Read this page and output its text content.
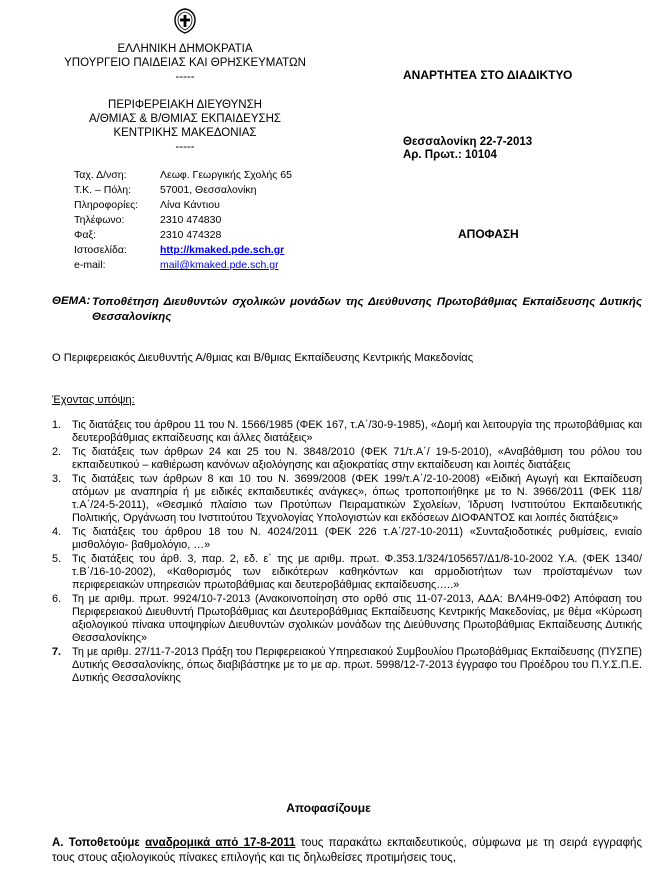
ΕΛΛΗΝΙΚΗ ΔΗΜΟΚΡΑΤΙΑ
ΥΠΟΥΡΓΕΙΟ ΠΑΙΔΕΙΑΣ ΚΑΙ ΘΡΗΣΚΕΥΜΑΤΩΝ
-----
ΠΕΡΙΦΕΡΕΙΑΚΗ ΔΙΕΥΘΥΝΣΗ
Α/ΘΜΙΑΣ & Β/ΘΜΙΑΣ ΕΚΠΑΙΔΕΥΣΗΣ
ΚΕΝΤΡΙΚΗΣ ΜΑΚΕΔΟΝΙΑΣ
-----
ΑΝΑΡΤΗΤΕΑ ΣΤΟ ΔΙΑΔΙΚΤΥΟ
Θεσσαλονίκη 22-7-2013
Αρ. Πρωτ.: 10104
ΑΠΟΦΑΣΗ
Ταχ. Δ/νση:	Λεωφ. Γεωργικής Σχολής 65
Τ.Κ. – Πόλη:	57001, Θεσσαλονίκη
Πληροφορίες: Λίνα Κάντιου
Τηλέφωνο:	2310 474830
Φαξ:	2310 474328
Ιστοσελίδα:	http://kmaked.pde.sch.gr
e-mail:	mail@kmaked.pde.sch.gr
ΘΕΜΑ: Τοποθέτηση Διευθυντών σχολικών μονάδων της Διεύθυνσης Πρωτοβάθμιας Εκπαίδευσης Δυτικής Θεσσαλονίκης
Ο Περιφερειακός Διευθυντής Α/θμιας και Β/θμιας Εκπαίδευσης Κεντρικής Μακεδονίας
Έχοντας υπόψη:
1. Τις διατάξεις του άρθρου 11 του Ν. 1566/1985 (ΦΕΚ 167, τ.Α΄/30-9-1985), «Δομή και λειτουργία της πρωτοβάθμιας και δευτεροβάθμιας εκπαίδευσης και άλλες διατάξεις»
2. Τις διατάξεις των άρθρων 24 και 25 του Ν. 3848/2010 (ΦΕΚ 71/τ.Α΄/ 19-5-2010), «Αναβάθμιση του ρόλου του εκπαιδευτικού – καθιέρωση κανόνων αξιολόγησης και αξιοκρατίας στην εκπαίδευση και λοιπές διατάξεις
3. Τις διατάξεις των άρθρων 8 και 10 του Ν. 3699/2008 (ΦΕΚ 199/τ.Α΄/2-10-2008) «Ειδική Αγωγή και Εκπαίδευση ατόμων με αναπηρία ή με ειδικές εκπαιδευτικές ανάγκες», όπως τροποποιήθηκε με το Ν. 3966/2011 (ΦΕΚ 118/τ.Α΄/24-5-2011), «Θεσμικό πλαίσιο των Προτύπων Πειραματικών Σχολείων, Ίδρυση Ινστιτούτου Εκπαιδευτικής Πολιτικής, Οργάνωση του Ινστιτούτου Τεχνολογίας Υπολογιστών και εκδόσεων ΔΙΟΦΑΝΤΟΣ και λοιπές διατάξεις»
4. Τις διατάξεις του άρθρου 18 του Ν. 4024/2011 (ΦΕΚ 226 τ.Α΄/27-10-2011) «Συνταξιοδοτικές ρυθμίσεις, ενιαίο μισθολόγιο- βαθμολόγιο, …»
5. Τις διατάξεις του άρθ. 3, παρ. 2, εδ. ε΄ της με αριθμ. πρωτ. Φ.353.1/324/105657/Δ1/8-10-2002 Υ.Α. (ΦΕΚ 1340/τ.Β΄/16-10-2002), «Καθορισμός των ειδικότερων καθηκόντων και αρμοδιοτήτων των προϊσταμένων των περιφερειακών υπηρεσιών πρωτοβάθμιας και δευτεροβάθμιας εκπαίδευσης…..»
6. Τη με αριθμ. πρωτ. 9924/10-7-2013 (Ανακοινοποίηση στο ορθό στις 11-07-2013, ΑΔΑ: ΒΛ4Η9-0Φ2) Απόφαση του Περιφερειακού Διευθυντή Πρωτοβάθμιας και Δευτεροβάθμιας Εκπαίδευσης Κεντρικής Μακεδονίας, με θέμα «Κύρωση αξιολογικού πίνακα υποψηφίων Διευθυντών σχολικών μονάδων της Διεύθυνσης Πρωτοβάθμιας Εκπαίδευσης Δυτικής Θεσσαλονίκης»
7. Τη με αριθμ. 27/11-7-2013 Πράξη του Περιφερειακού Υπηρεσιακού Συμβουλίου Πρωτοβάθμιας Εκπαίδευσης (ΠΥΣΠΕ) Δυτικής Θεσσαλονίκης, όπως διαβιβάστηκε με το με αρ. πρωτ. 5998/12-7-2013 έγγραφο του Προέδρου του Π.Υ.Σ.Π.Ε. Δυτικής Θεσσαλονίκης
Αποφασίζουμε
Α. Τοποθετούμε αναδρομικά από 17-8-2011 τους παρακάτω εκπαιδευτικούς, σύμφωνα με τη σειρά εγγραφής τους στους αξιολογικούς πίνακες επιλογής και τις δηλωθείσες προτιμήσεις τους,
